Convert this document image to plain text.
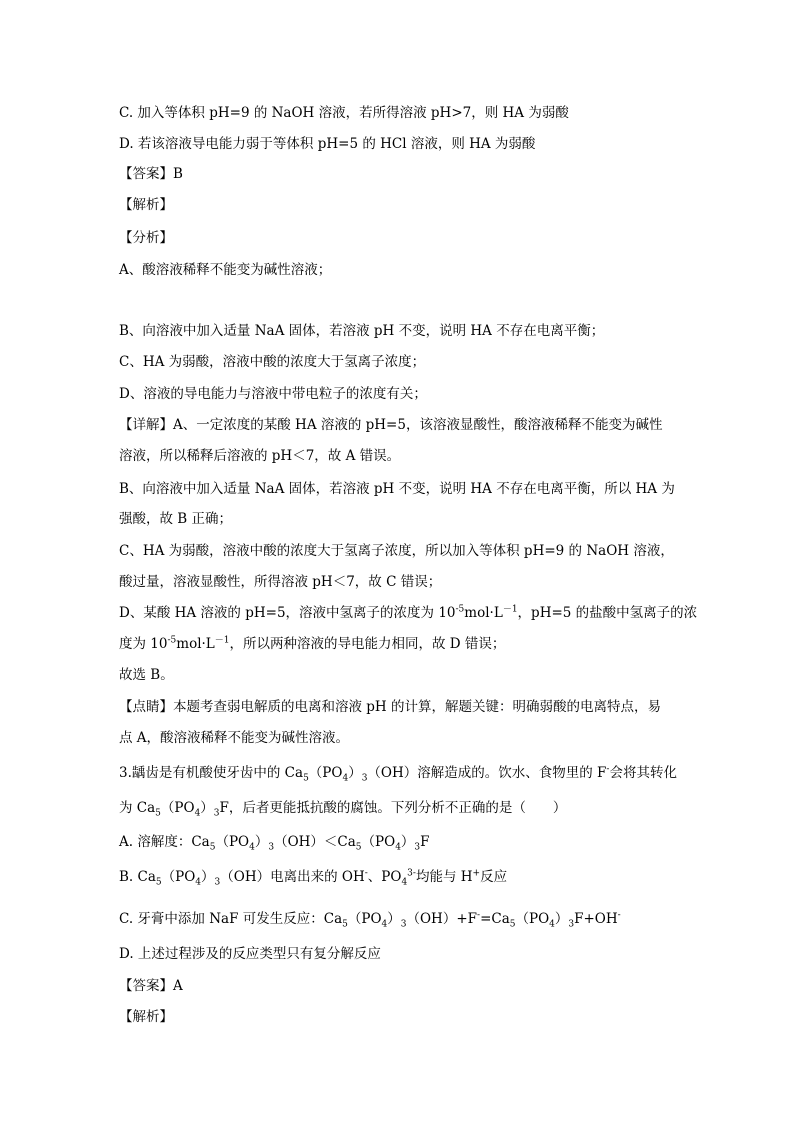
C. 加入等体积 pH=9 的 NaOH 溶液，若所得溶液 pH>7，则 HA 为弱酸
D. 若该溶液导电能力弱于等体积 pH=5 的 HCl 溶液，则 HA 为弱酸
【答案】B
【解析】
【分析】
A、酸溶液稀释不能变为碱性溶液；
B、向溶液中加入适量 NaA 固体，若溶液 pH 不变，说明 HA 不存在电离平衡；
C、HA 为弱酸，溶液中酸的浓度大于氢离子浓度；
D、溶液的导电能力与溶液中带电粒子的浓度有关；
【详解】A、一定浓度的某酸 HA 溶液的 pH=5，该溶液显酸性，酸溶液稀释不能变为碱性
溶液，所以稀释后溶液的 pH＜7，故 A 错误。
B、向溶液中加入适量 NaA 固体，若溶液 pH 不变，说明 HA 不存在电离平衡，所以 HA 为
强酸，故 B 正确；
C、HA 为弱酸，溶液中酸的浓度大于氢离子浓度，所以加入等体积 pH=9 的 NaOH 溶液，
酸过量，溶液显酸性，所得溶液 pH＜7，故 C 错误；
D、某酸 HA 溶液的 pH=5，溶液中氢离子的浓度为 $10^{-5}mol\cdot L^{-1}$，pH=5 的盐酸中氢离子的浓
度为 $10^{-5}mol\cdot L^{-1}$，所以两种溶液的导电能力相同，故 D 错误；
故选 B。
【点睛】本题考查弱电解质的电离和溶液 pH 的计算，解题关键：明确弱酸的电离特点，易
点 A，酸溶液稀释不能变为碱性溶液。
3.龋齿是有机酸使牙齿中的 $Ca_5(PO_4)_3(OH)$溶解造成的。饮水、食物里的 F-会将其转化
为 $Ca_5(PO_4)_3F$，后者更能抵抗酸的腐蚀。下列分析不正确的是（　　）
A. 溶解度：$Ca_5(PO_4)_3(OH)<Ca_5(PO_4)_3F$
B. $Ca_5(PO_4)_3(OH)$电离出来的 OH-、$PO_4^{3-}$均能与 H+反应
C. 牙膏中添加 NaF 可发生反应：$Ca_5(PO_4)_3(OH)+F^-=Ca_5(PO_4)_3F+OH^-$
D. 上述过程涉及的反应类型只有复分解反应
【答案】A
【解析】
